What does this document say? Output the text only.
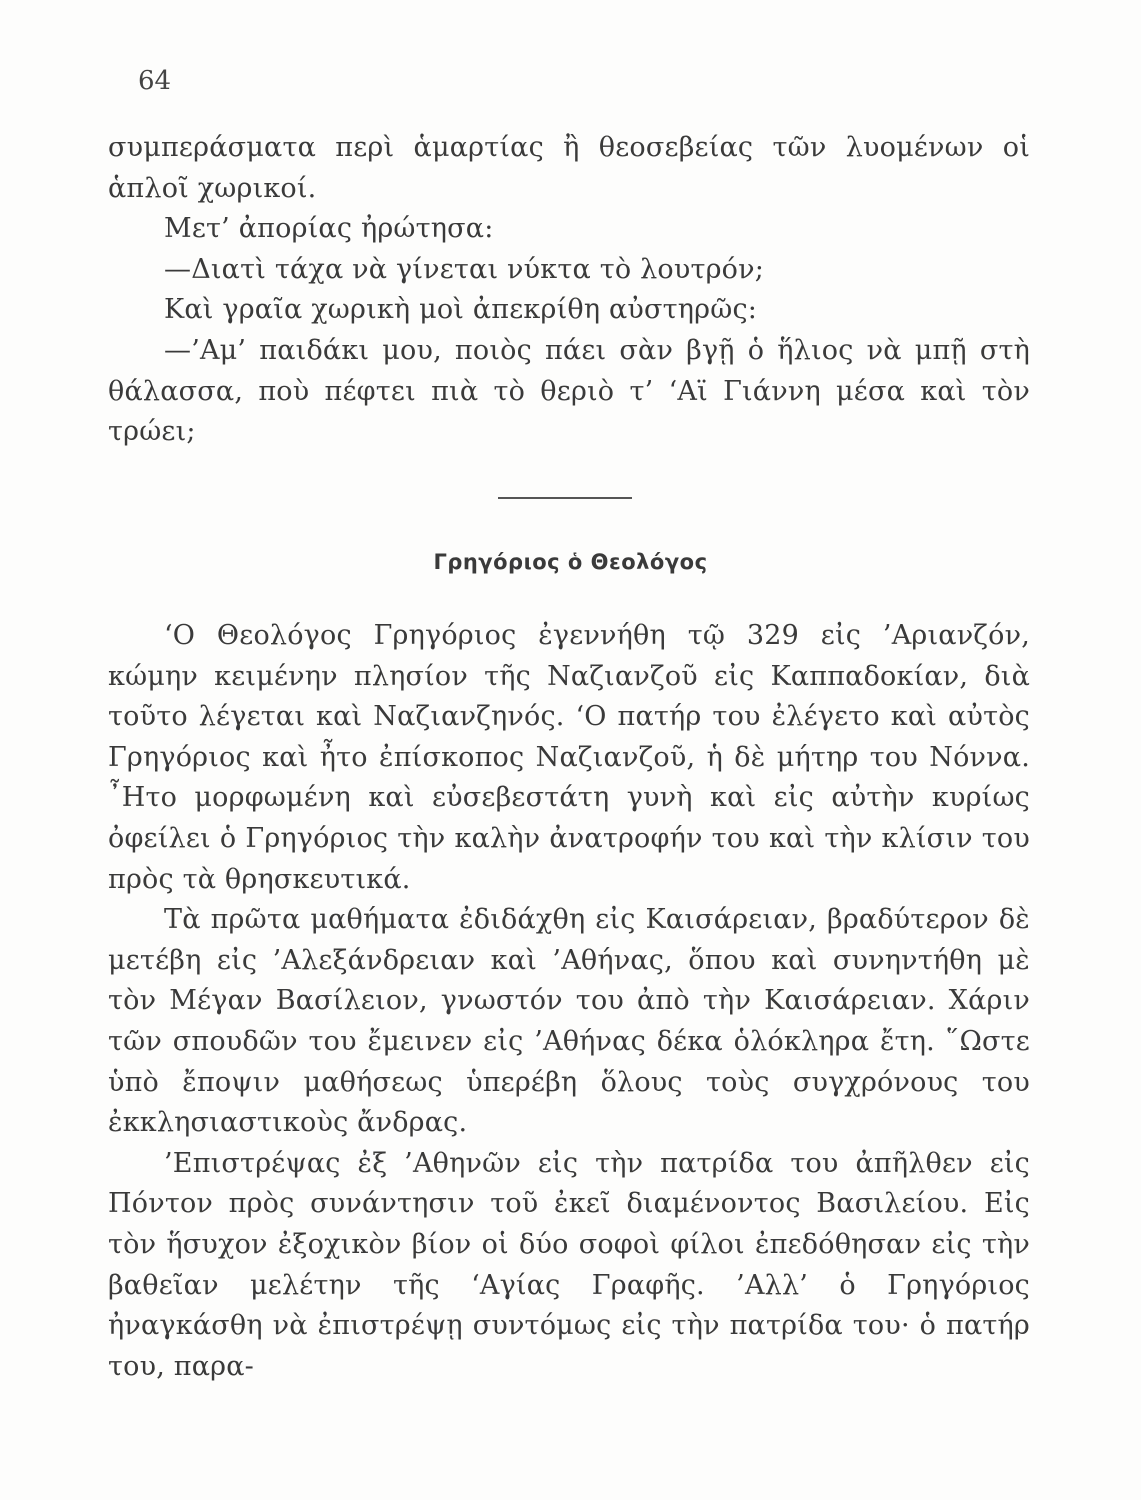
64

συμπεράσματα περὶ ἁμαρτίας ἢ θεοσεβείας τῶν λυομένων οἱ ἁπλοῖ χωρικοί.

Μετ’ ἀπορίας ἠρώτησα:

—Διατὶ τάχα νὰ γίνεται νύκτα τὸ λουτρόν;

Καὶ γραῖα χωρικὴ μοὶ ἀπεκρίθη αὐστηρῶς:

—’Αμ’ παιδάκι μου, ποιὸς πάει σὰν βγῇ ὁ ἥλιος νὰ μπῇ στὴ θάλασσα, ποὺ πέφτει πιὰ τὸ θεριὸ τ’ ‘Αϊ Γιάννη μέσα καὶ τὸν τρώει;

Γρηγόριος ὁ Θεολόγος

‘Ο Θεολόγος Γρηγόριος ἐγεννήθη τῷ 329 εἰς ’Αριανζόν, κώμην κειμένην πλησίον τῆς Ναζιανζοῦ εἰς Καππαδοκίαν, διὰ τοῦτο λέγεται καὶ Ναζιανζηνός. ‘Ο πατήρ του ἐλέγετο καὶ αὐτὸς Γρηγόριος καὶ ἦτο ἐπίσκοπος Ναζιανζοῦ, ἡ δὲ μήτηρ του Νόννα. ῏Ητο μορφωμένη καὶ εὐσεβεστάτη γυνὴ καὶ εἰς αὐτὴν κυρίως ὀφείλει ὁ Γρηγόριος τὴν καλὴν ἀνατροφήν του καὶ τὴν κλίσιν του πρὸς τὰ θρησκευτικά.

Τὰ πρῶτα μαθήματα ἐδιδάχθη εἰς Καισάρειαν, βραδύτερον δὲ μετέβη εἰς ’Αλεξάνδρειαν καὶ ’Αθήνας, ὅπου καὶ συνηντήθη μὲ τὸν Μέγαν Βασίλειον, γνωστόν του ἀπὸ τὴν Καισάρειαν. Χάριν τῶν σπουδῶν του ἔμεινεν εἰς ’Αθήνας δέκα ὁλόκληρα ἔτη. ῞Ωστε ὑπὸ ἔποψιν μαθήσεως ὑπερέβη ὅλους τοὺς συγχρόνους του ἐκκλησιαστικοὺς ἄνδρας.

’Επιστρέψας ἐξ ’Αθηνῶν εἰς τὴν πατρίδα του ἀπῆλθεν εἰς Πόντον πρὸς συνάντησιν τοῦ ἐκεῖ διαμένοντος Βασιλείου. Εἰς τὸν ἥσυχον ἐξοχικὸν βίον οἱ δύο σοφοὶ φίλοι ἐπεδόθησαν εἰς τὴν βαθεῖαν μελέτην τῆς ‘Αγίας Γραφῆς. ’Αλλ’ ὁ Γρηγόριος ἠναγκάσθη νὰ ἐπιστρέψῃ συντόμως εἰς τὴν πατρίδα του· ὁ πατήρ του, παρα-
